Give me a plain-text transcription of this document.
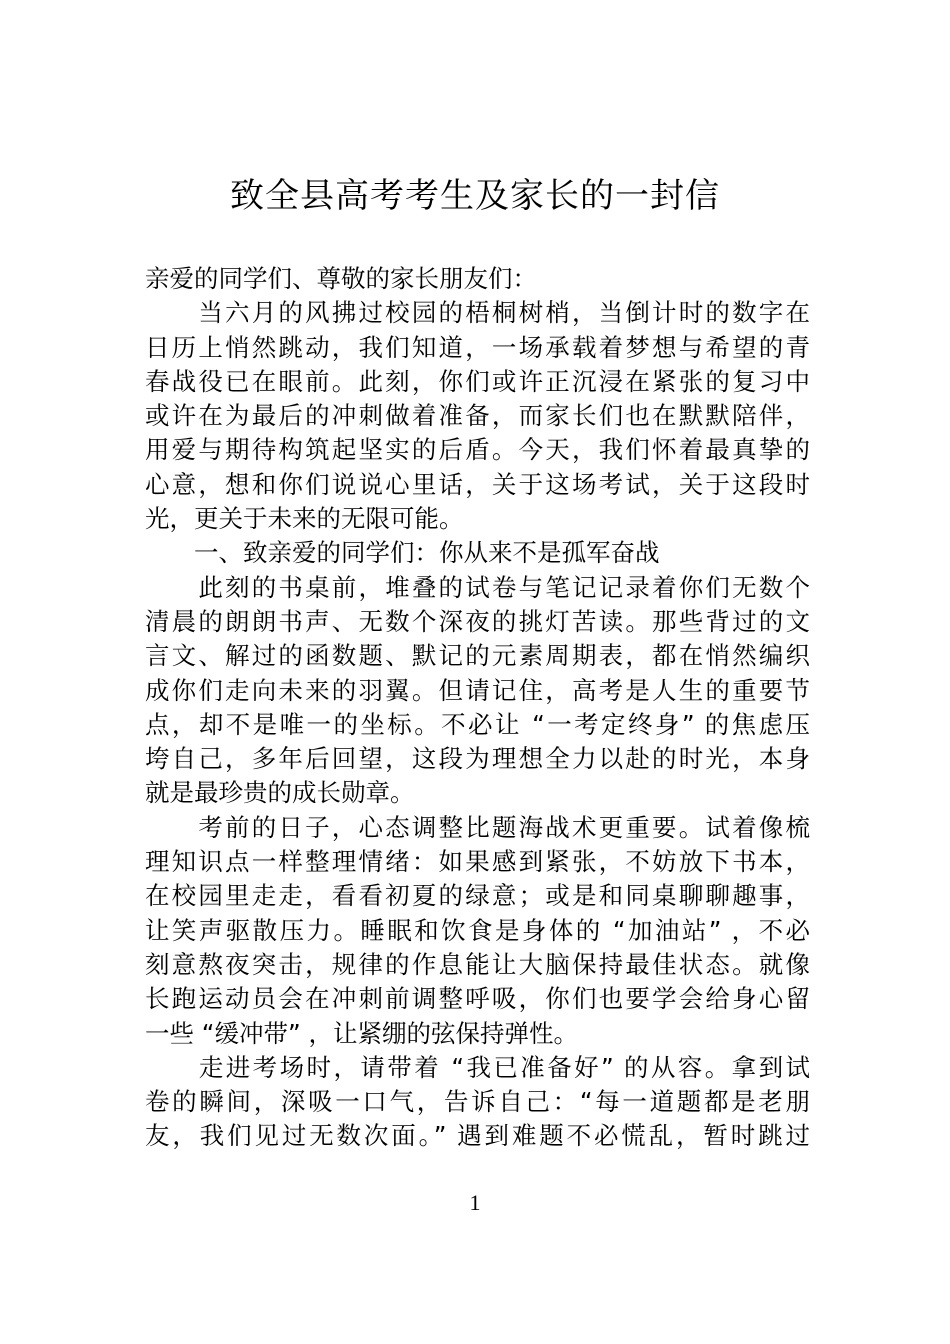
致全县高考考生及家长的一封信
亲爱的同学们、尊敬的家长朋友们：
　　当六月的风拂过校园的梧桐树梢，当倒计时的数字在
日历上悄然跳动，我们知道，一场承载着梦想与希望的青
春战役已在眼前。此刻，你们或许正沉浸在紧张的复习中
或许在为最后的冲刺做着准备，而家长们也在默默陪伴，
用爱与期待构筑起坚实的后盾。今天，我们怀着最真挚的
心意，想和你们说说心里话，关于这场考试，关于这段时
光，更关于未来的无限可能。
　　一、致亲爱的同学们：你从来不是孤军奋战
　　此刻的书桌前，堆叠的试卷与笔记记录着你们无数个
清晨的朗朗书声、无数个深夜的挑灯苦读。那些背过的文
言文、解过的函数题、默记的元素周期表，都在悄然编织
成你们走向未来的羽翼。但请记住，高考是人生的重要节
点，却不是唯一的坐标。不必让 “一考定终身” 的焦虑压
垮自己，多年后回望，这段为理想全力以赴的时光，本身
就是最珍贵的成长勋章。
　　考前的日子，心态调整比题海战术更重要。试着像梳
理知识点一样整理情绪：如果感到紧张，不妨放下书本，
在校园里走走，看看初夏的绿意；或是和同桌聊聊趣事，
让笑声驱散压力。睡眠和饮食是身体的 “加油站” ，不必
刻意熬夜突击，规律的作息能让大脑保持最佳状态。就像
长跑运动员会在冲刺前调整呼吸，你们也要学会给身心留
一些 “缓冲带” ，让紧绷的弦保持弹性。
　　走进考场时，请带着 “我已准备好” 的从容。拿到试
卷的瞬间，深吸一口气，告诉自己：“每一道题都是老朋
友，我们见过无数次面。” 遇到难题不必慌乱，暂时跳过
1
